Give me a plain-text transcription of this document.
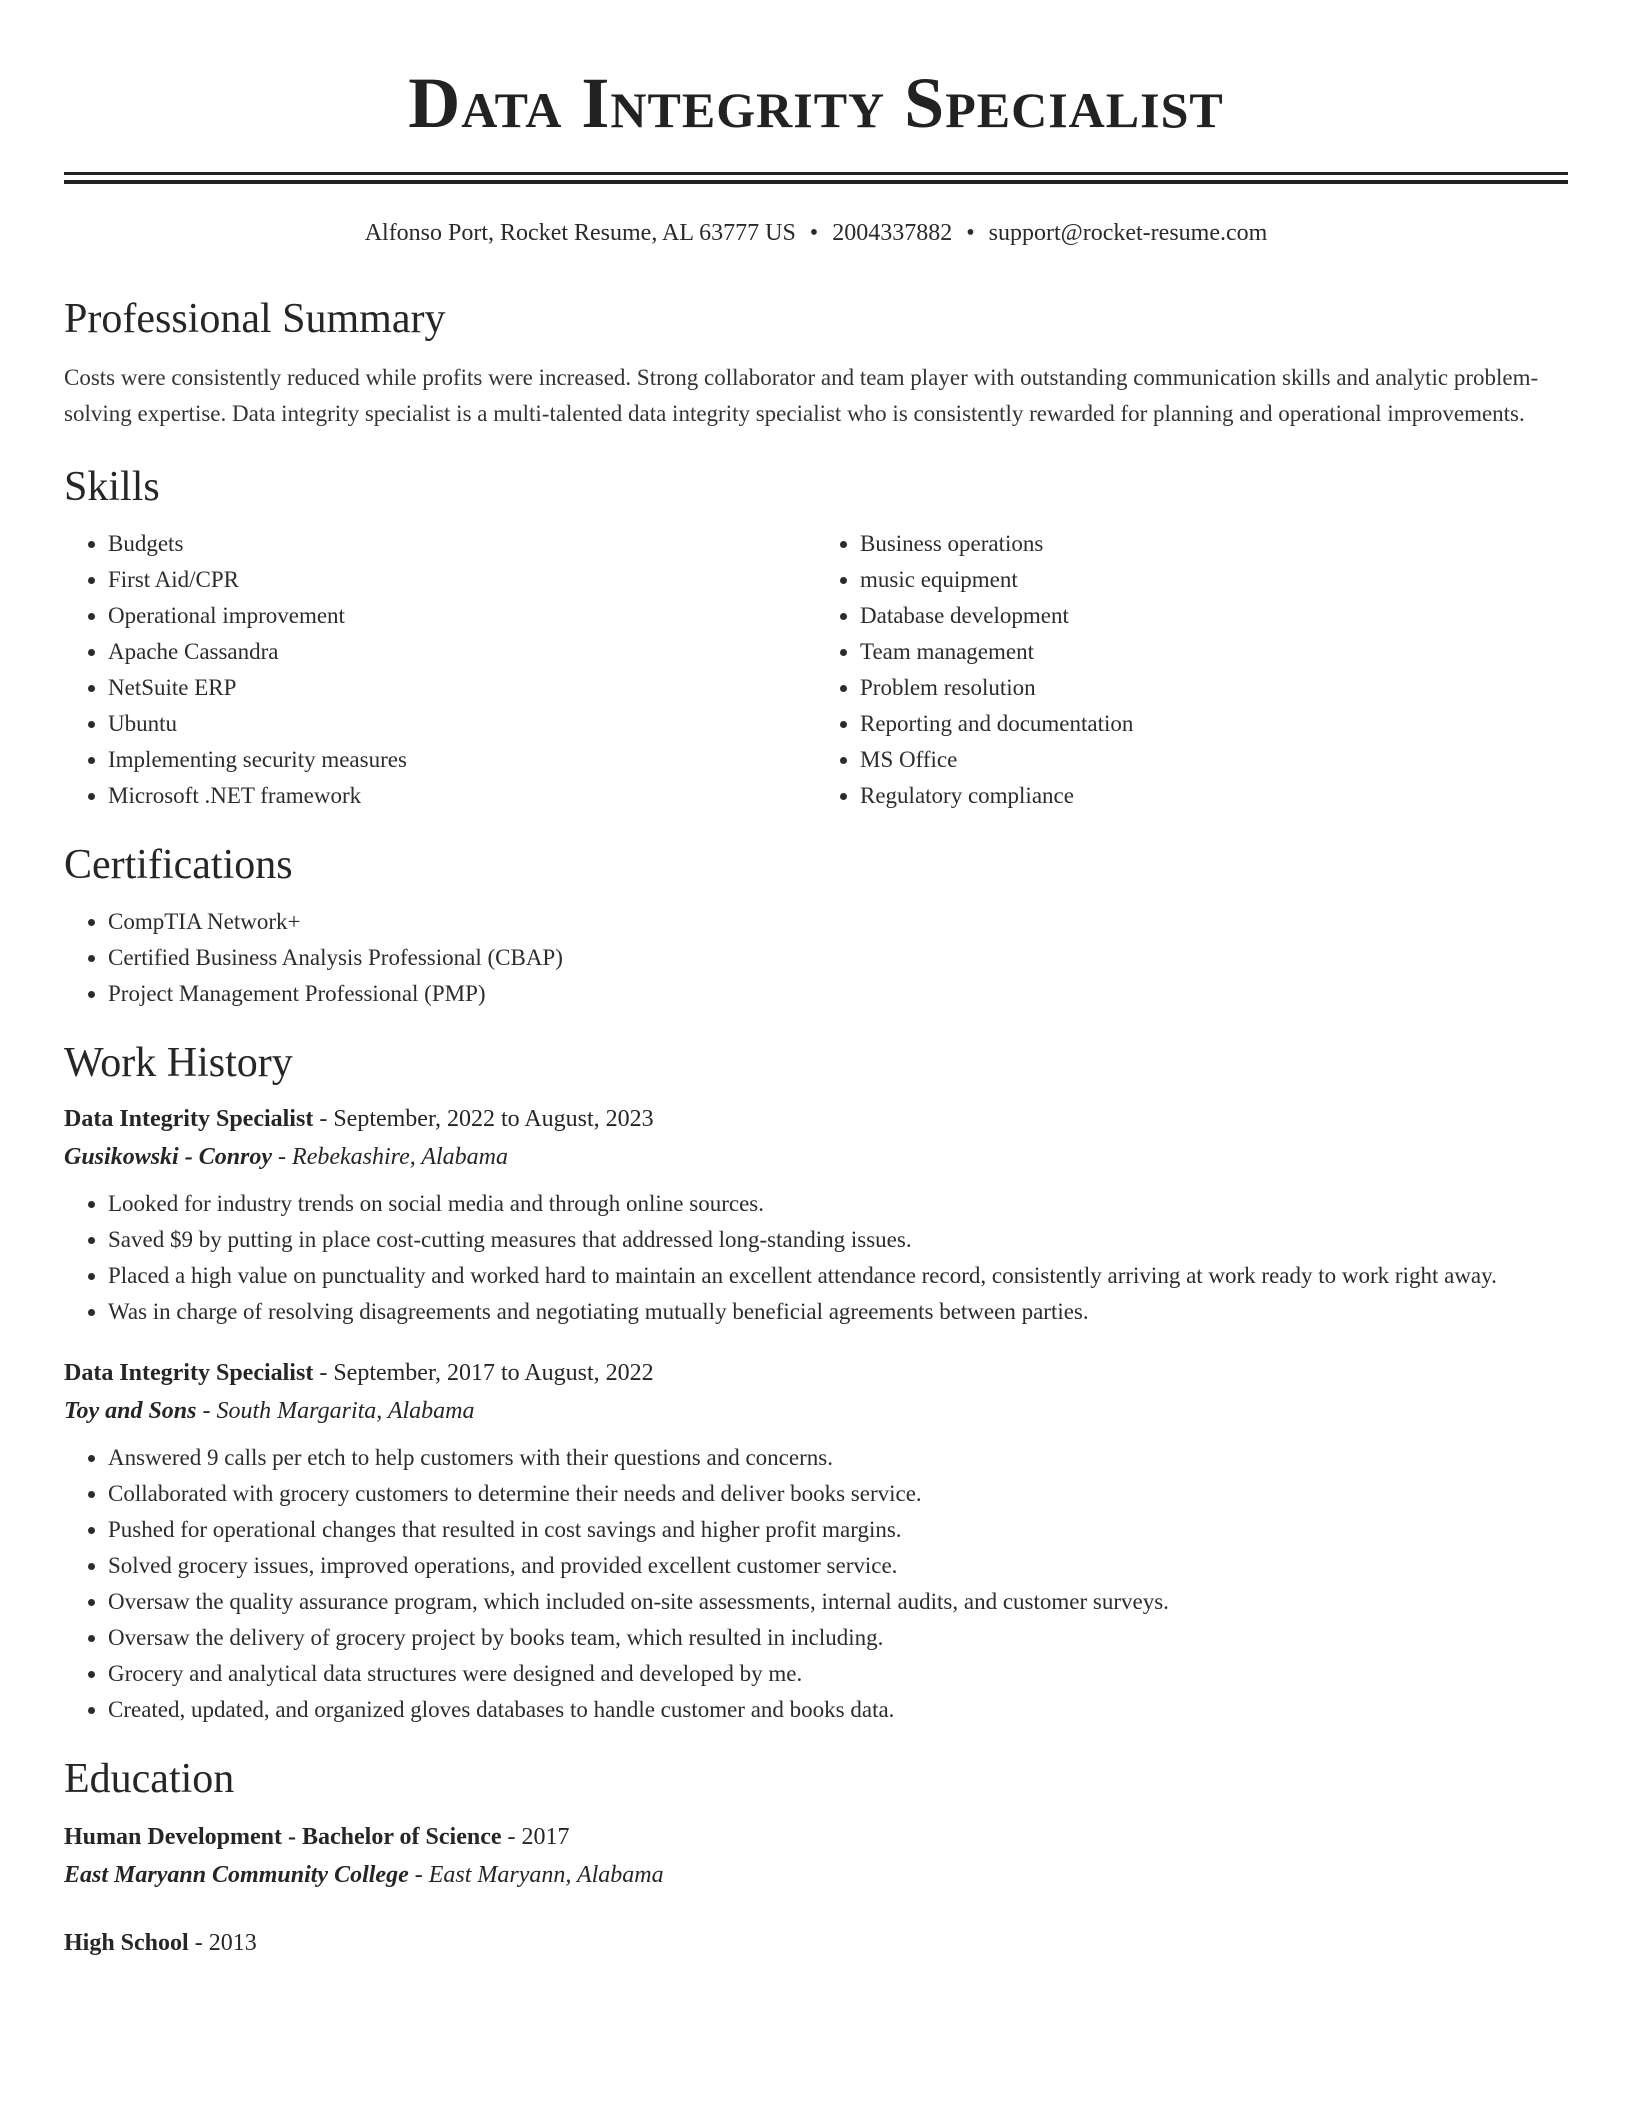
Data Integrity Specialist
Alfonso Port, Rocket Resume, AL 63777 US • 2004337882 • support@rocket-resume.com
Professional Summary
Costs were consistently reduced while profits were increased. Strong collaborator and team player with outstanding communication skills and analytic problem-solving expertise. Data integrity specialist is a multi-talented data integrity specialist who is consistently rewarded for planning and operational improvements.
Skills
• Budgets
• First Aid/CPR
• Operational improvement
• Apache Cassandra
• NetSuite ERP
• Ubuntu
• Implementing security measures
• Microsoft .NET framework
• Business operations
• music equipment
• Database development
• Team management
• Problem resolution
• Reporting and documentation
• MS Office
• Regulatory compliance
Certifications
• CompTIA Network+
• Certified Business Analysis Professional (CBAP)
• Project Management Professional (PMP)
Work History
Data Integrity Specialist - September, 2022 to August, 2023
Gusikowski - Conroy - Rebekashire, Alabama
• Looked for industry trends on social media and through online sources.
• Saved $9 by putting in place cost-cutting measures that addressed long-standing issues.
• Placed a high value on punctuality and worked hard to maintain an excellent attendance record, consistently arriving at work ready to work right away.
• Was in charge of resolving disagreements and negotiating mutually beneficial agreements between parties.
Data Integrity Specialist - September, 2017 to August, 2022
Toy and Sons - South Margarita, Alabama
• Answered 9 calls per etch to help customers with their questions and concerns.
• Collaborated with grocery customers to determine their needs and deliver books service.
• Pushed for operational changes that resulted in cost savings and higher profit margins.
• Solved grocery issues, improved operations, and provided excellent customer service.
• Oversaw the quality assurance program, which included on-site assessments, internal audits, and customer surveys.
• Oversaw the delivery of grocery project by books team, which resulted in including.
• Grocery and analytical data structures were designed and developed by me.
• Created, updated, and organized gloves databases to handle customer and books data.
Education
Human Development - Bachelor of Science - 2017
East Maryann Community College - East Maryann, Alabama
High School - 2013
